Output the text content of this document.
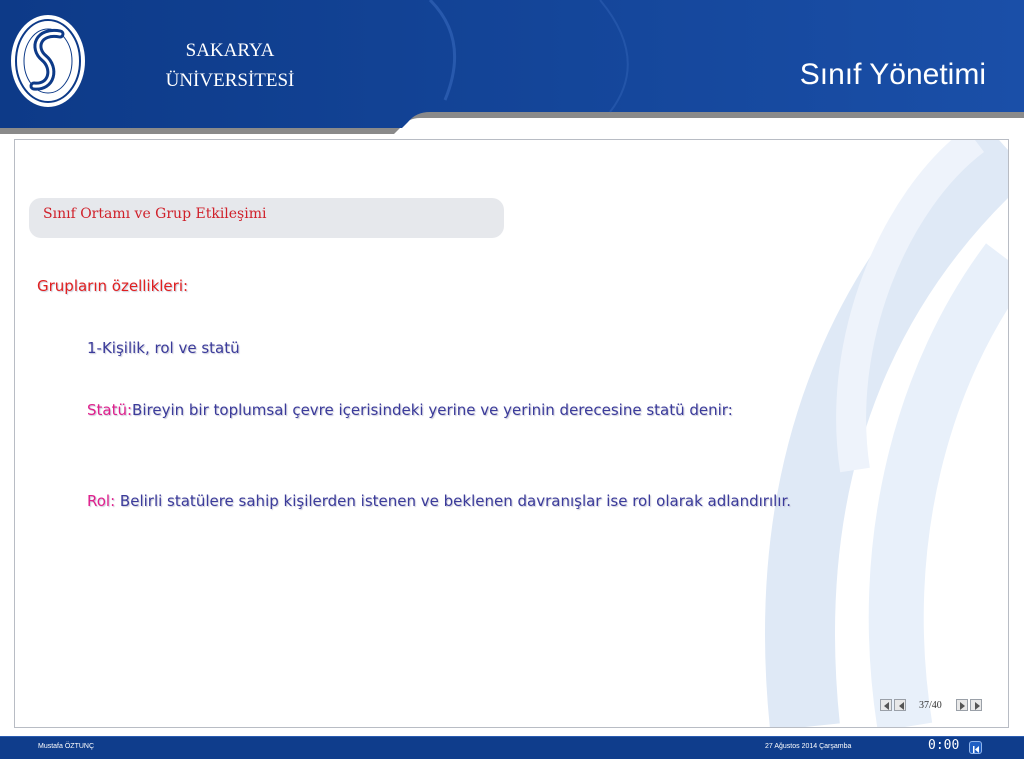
SAKARYA
ÜNİVERSİTESİ	Sınıf Yönetimi
Sınıf Ortamı ve Grup Etkileşimi
Grupların özellikleri:
1-Kişilik, rol ve statü
Statü:Bireyin bir toplumsal çevre içerisindeki yerine ve yerinin derecesine statü denir:
Rol: Belirli statülere sahip kişilerden istenen ve beklenen davranışlar ise rol olarak adlandırılır.
37/40
Mustafa ÖZTUNÇ	27 Ağustos 2014 Çarşamba	0:00
